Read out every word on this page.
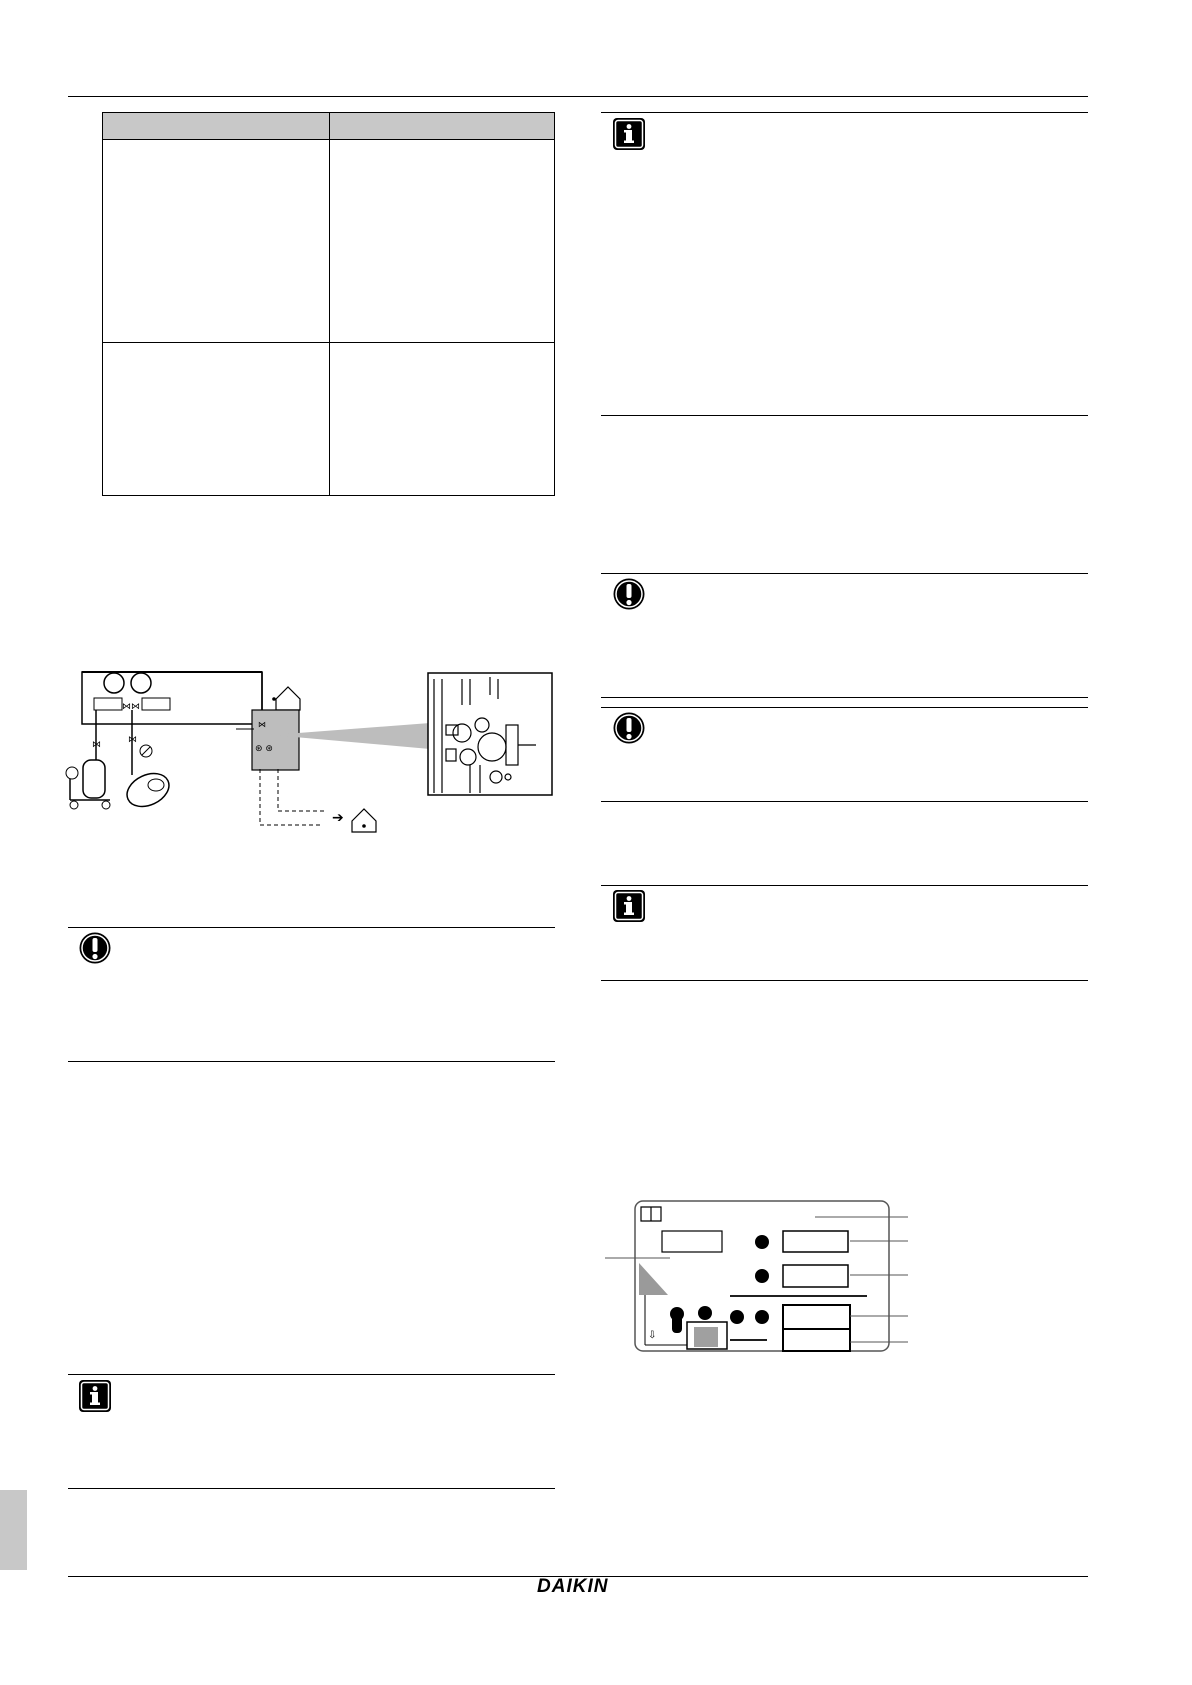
⋈⋈
⋈	⋈
⋈
⊛ ⊛
➔
⇩
DAIKIN
